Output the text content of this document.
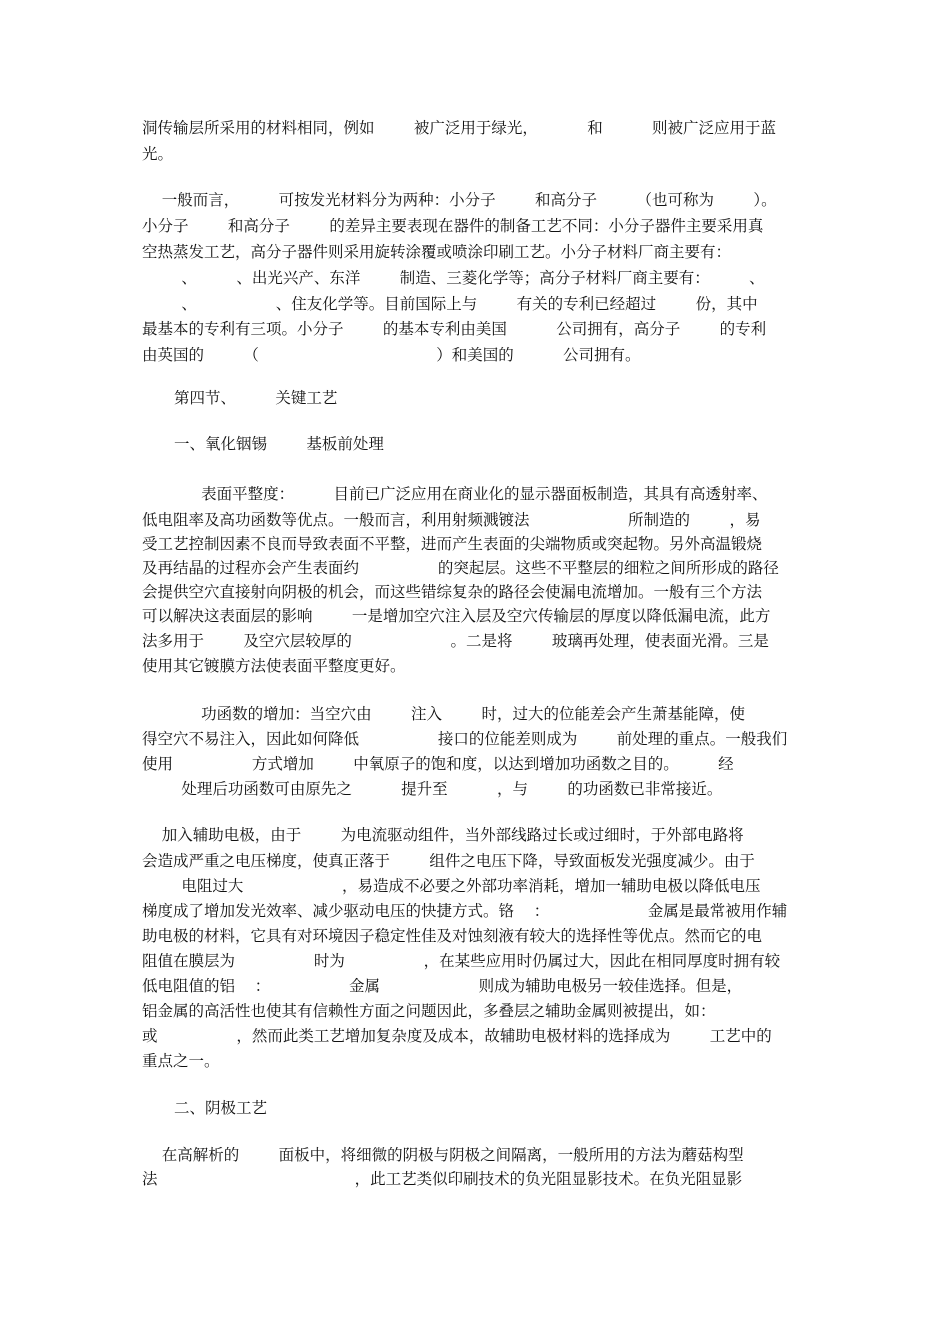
洞传输层所采用的材料相同，例如        被广泛用于绿光，          和          则被广泛应用于蓝
光。
一般而言，        可按发光材料分为两种：小分子        和高分子        （也可称为        ）。
小分子        和高分子        的差异主要表现在器件的制备工艺不同：小分子器件主要采用真
空热蒸发工艺，高分子器件则采用旋转涂覆或喷涂印刷工艺。小分子材料厂商主要有：
、        、出光兴产、东洋        制造、三菱化学等；高分子材料厂商主要有：        、
、                、住友化学等。目前国际上与        有关的专利已经超过        份，其中
最基本的专利有三项。小分子        的基本专利由美国          公司拥有，高分子        的专利
由英国的        （                                    ）和美国的          公司拥有。
第四节、        关键工艺
一、氧化铟锡        基板前处理
表面平整度：        目前已广泛应用在商业化的显示器面板制造，其具有高透射率、
低电阻率及高功函数等优点。一般而言，利用射频溅镀法                    所制造的        ，易
受工艺控制因素不良而导致表面不平整，进而产生表面的尖端物质或突起物。另外高温锻烧
及再结晶的过程亦会产生表面约                的突起层。这些不平整层的细粒之间所形成的路径
会提供空穴直接射向阴极的机会，而这些错综复杂的路径会使漏电流增加。一般有三个方法
可以解决这表面层的影响        一是增加空穴注入层及空穴传输层的厚度以降低漏电流，此方
法多用于        及空穴层较厚的                    。二是将        玻璃再处理，使表面光滑。三是
使用其它镀膜方法使表面平整度更好。
功函数的增加：当空穴由        注入        时，过大的位能差会产生萧基能障，使
得空穴不易注入，因此如何降低                接口的位能差则成为        前处理的重点。一般我们
使用                方式增加        中氧原子的饱和度，以达到增加功函数之目的。        经
处理后功函数可由原先之          提升至          ，与        的功函数已非常接近。
加入辅助电极，由于        为电流驱动组件，当外部线路过长或过细时，于外部电路将
会造成严重之电压梯度，使真正落于        组件之电压下降，导致面板发光强度减少。由于
电阻过大                    ，易造成不必要之外部功率消耗，增加一辅助电极以降低电压
梯度成了增加发光效率、减少驱动电压的快捷方式。铬    ：                    金属是最常被用作辅
助电极的材料，它具有对环境因子稳定性佳及对蚀刻液有较大的选择性等优点。然而它的电
阻值在膜层为                时为                ，在某些应用时仍属过大，因此在相同厚度时拥有较
低电阻值的铝    ：                金属                    则成为辅助电极另一较佳选择。但是，
铝金属的高活性也使其有信赖性方面之问题因此，多叠层之辅助金属则被提出，如：
或                ，然而此类工艺增加复杂度及成本，故辅助电极材料的选择成为        工艺中的
重点之一。
二、阴极工艺
在高解析的        面板中，将细微的阴极与阴极之间隔离，一般所用的方法为蘑菇构型
法                                        ，此工艺类似印刷技术的负光阻显影技术。在负光阻显影
